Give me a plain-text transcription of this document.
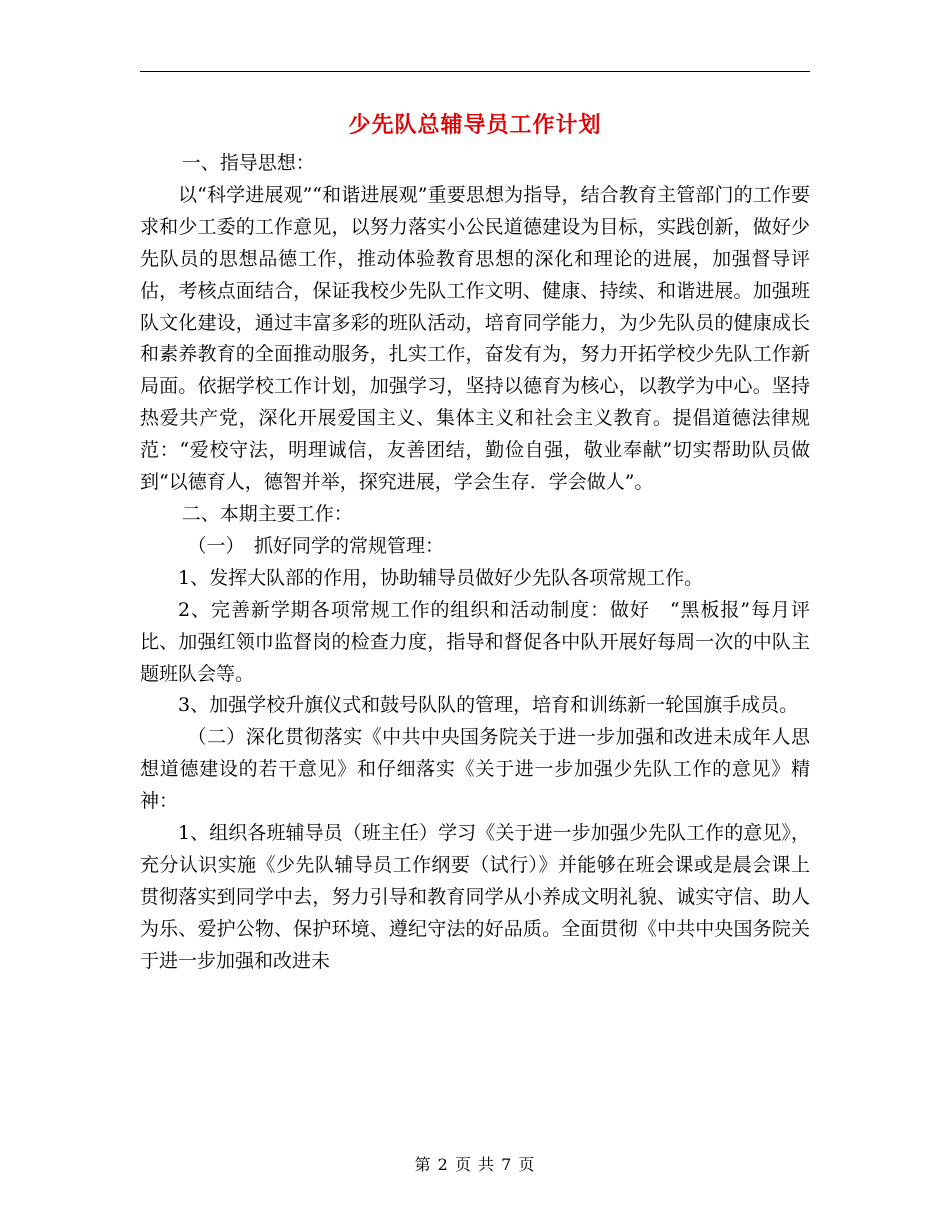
少先队总辅导员工作计划

一、指导思想：

以“科学进展观”“和谐进展观”重要思想为指导，结合教育主管部门的工作要求和少工委的工作意见，以努力落实小公民道德建设为目标，实践创新，做好少先队员的思想品德工作，推动体验教育思想的深化和理论的进展，加强督导评估，考核点面结合，保证我校少先队工作文明、健康、持续、和谐进展。加强班队文化建设，通过丰富多彩的班队活动，培育同学能力，为少先队员的健康成长和素养教育的全面推动服务，扎实工作，奋发有为，努力开拓学校少先队工作新局面。依据学校工作计划，加强学习，坚持以德育为核心，以教学为中心。坚持热爱共产党，深化开展爱国主义、集体主义和社会主义教育。提倡道德法律规范：“爱校守法，明理诚信，友善团结，勤俭自强，敬业奉献”切实帮助队员做到“以德育人，德智并举，探究进展，学会生存．学会做人”。

二、本期主要工作：

（一）　抓好同学的常规管理：

1、发挥大队部的作用，协助辅导员做好少先队各项常规工作。

2、完善新学期各项常规工作的组织和活动制度：做好　“黑板报”每月评比、加强红领巾监督岗的检查力度，指导和督促各中队开展好每周一次的中队主题班队会等。

3、加强学校升旗仪式和鼓号队队的管理，培育和训练新一轮国旗手成员。

（二）深化贯彻落实《中共中央国务院关于进一步加强和改进未成年人思想道德建设的若干意见》和仔细落实《关于进一步加强少先队工作的意见》精神：

1、组织各班辅导员（班主任）学习《关于进一步加强少先队工作的意见》，充分认识实施《少先队辅导员工作纲要（试行）》并能够在班会课或是晨会课上贯彻落实到同学中去，努力引导和教育同学从小养成文明礼貌、诚实守信、助人为乐、爱护公物、保护环境、遵纪守法的好品质。全面贯彻《中共中央国务院关于进一步加强和改进未

第 2 页 共 7 页
